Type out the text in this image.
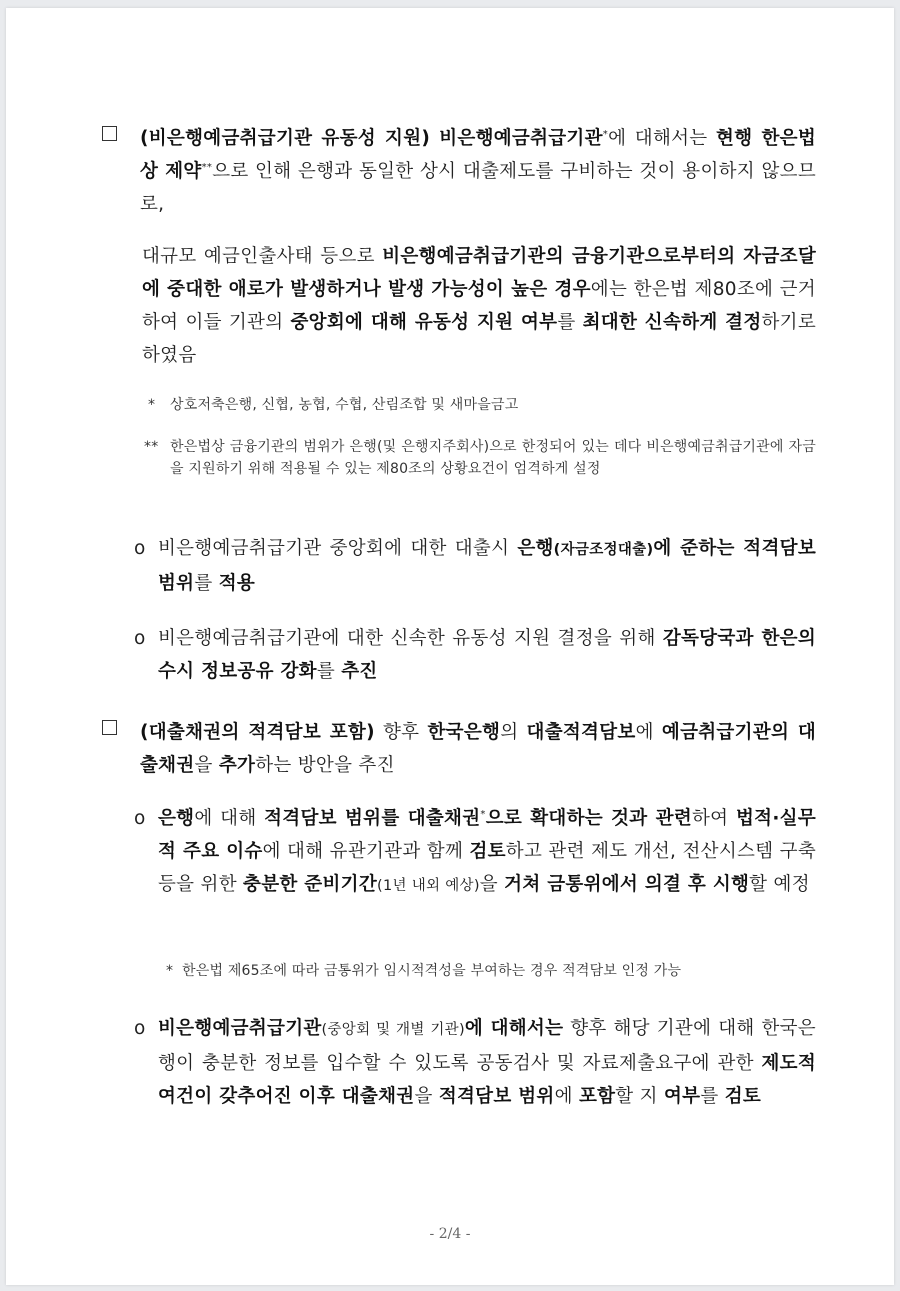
(비은행예금취급기관 유동성 지원) 비은행예금취급기관*에 대해서는 현행 한은법상 제약**으로 인해 은행과 동일한 상시 대출제도를 구비하는 것이 용이하지 않으므로,
대규모 예금인출사태 등으로 비은행예금취급기관의 금융기관으로부터의 자금조달에 중대한 애로가 발생하거나 발생 가능성이 높은 경우에는 한은법 제80조에 근거하여 이들 기관의 중앙회에 대해 유동성 지원 여부를 최대한 신속하게 결정하기로 하였음
* 상호저축은행, 신협, 농협, 수협, 산림조합 및 새마을금고
** 한은법상 금융기관의 범위가 은행(및 은행지주회사)으로 한정되어 있는 데다 비은행예금취급기관에 자금을 지원하기 위해 적용될 수 있는 제80조의 상황요건이 엄격하게 설정
o 비은행예금취급기관 중앙회에 대한 대출시 은행(자금조정대출)에 준하는 적격담보 범위를 적용
o 비은행예금취급기관에 대한 신속한 유동성 지원 결정을 위해 감독당국과 한은의 수시 정보공유 강화를 추진
(대출채권의 적격담보 포함) 향후 한국은행의 대출적격담보에 예금취급기관의 대출채권을 추가하는 방안을 추진
o 은행에 대해 적격담보 범위를 대출채권*으로 확대하는 것과 관련하여 법적·실무적 주요 이슈에 대해 유관기관과 함께 검토하고 관련 제도 개선, 전산시스템 구축 등을 위한 충분한 준비기간(1년 내외 예상)을 거쳐 금통위에서 의결 후 시행할 예정
* 한은법 제65조에 따라 금통위가 임시적격성을 부여하는 경우 적격담보 인정 가능
o 비은행예금취급기관(중앙회 및 개별 기관)에 대해서는 향후 해당 기관에 대해 한국은행이 충분한 정보를 입수할 수 있도록 공동검사 및 자료제출요구에 관한 제도적 여건이 갖추어진 이후 대출채권을 적격담보 범위에 포함할 지 여부를 검토
- 2/4 -
